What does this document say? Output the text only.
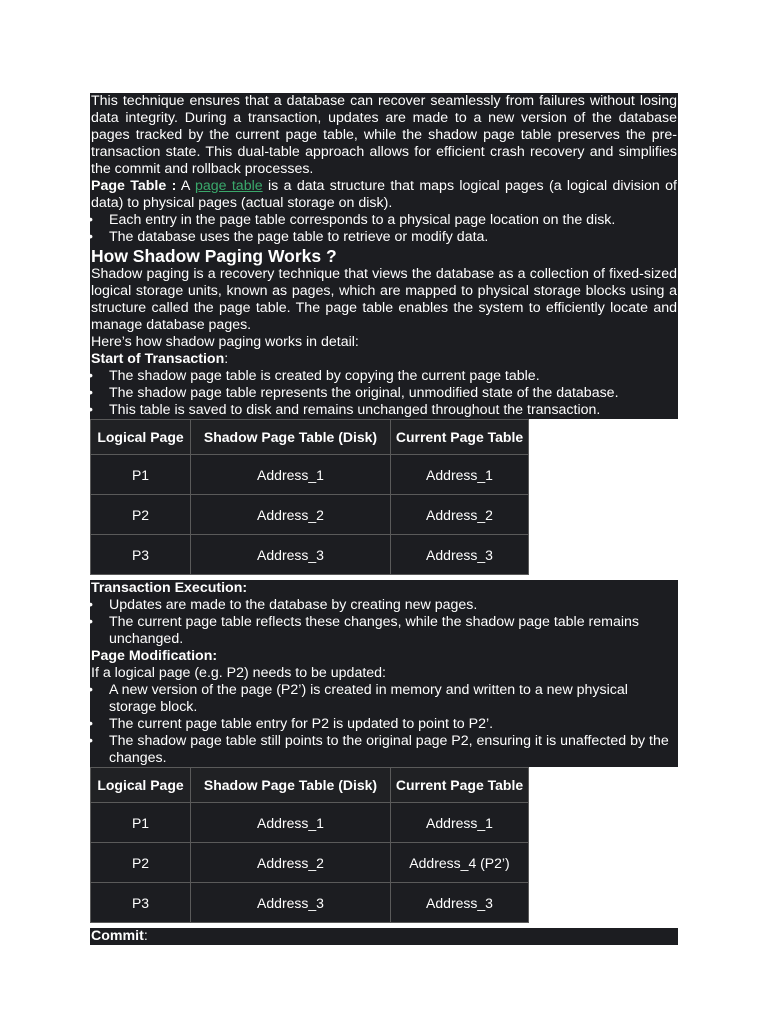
This technique ensures that a database can recover seamlessly from failures without losing data integrity. During a transaction, updates are made to a new version of the database pages tracked by the current page table, while the shadow page table preserves the pre-transaction state. This dual-table approach allows for efficient crash recovery and simplifies the commit and rollback processes.

Page Table : A page table is a data structure that maps logical pages (a logical division of data) to physical pages (actual storage on disk).

• Each entry in the page table corresponds to a physical page location on the disk.
• The database uses the page table to retrieve or modify data.
How Shadow Paging Works ?

Shadow paging is a recovery technique that views the database as a collection of fixed-sized logical storage units, known as pages, which are mapped to physical storage blocks using a structure called the page table. The page table enables the system to efficiently locate and manage database pages.

Here’s how shadow paging works in detail:

Start of Transaction:

• The shadow page table is created by copying the current page table.
• The shadow page table represents the original, unmodified state of the database.
• This table is saved to disk and remains unchanged throughout the transaction.
Logical Page	Shadow Page Table (Disk)	Current Page Table
P1	Address_1	Address_1
P2	Address_2	Address_2
P3	Address_3	Address_3

Transaction Execution:

• Updates are made to the database by creating new pages.
• The current page table reflects these changes, while the shadow page table remains unchanged.

Page Modification:

If a logical page (e.g. P2) needs to be updated:

• A new version of the page (P2’) is created in memory and written to a new physical storage block.
• The current page table entry for P2 is updated to point to P2’.
• The shadow page table still points to the original page P2, ensuring it is unaffected by the changes.
Logical Page	Shadow Page Table (Disk)	Current Page Table
P1	Address_1	Address_1
P2	Address_2	Address_4 (P2’)
P3	Address_3	Address_3

Commit:
